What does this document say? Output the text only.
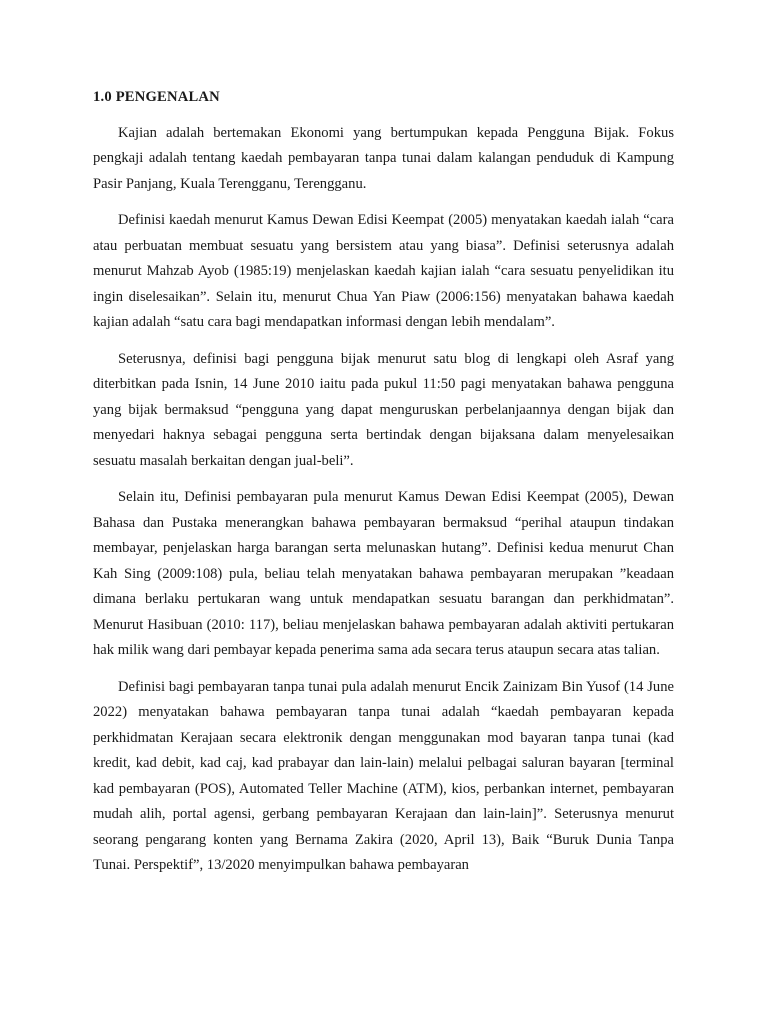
1.0 PENGENALAN

Kajian adalah bertemakan Ekonomi yang bertumpukan kepada Pengguna Bijak. Fokus pengkaji adalah tentang kaedah pembayaran tanpa tunai dalam kalangan penduduk di Kampung Pasir Panjang, Kuala Terengganu, Terengganu.

Definisi kaedah menurut Kamus Dewan Edisi Keempat (2005) menyatakan kaedah ialah “cara atau perbuatan membuat sesuatu yang bersistem atau yang biasa”. Definisi seterusnya adalah menurut Mahzab Ayob (1985:19) menjelaskan kaedah kajian ialah “cara sesuatu penyelidikan itu ingin diselesaikan”. Selain itu, menurut Chua Yan Piaw (2006:156) menyatakan bahawa kaedah kajian adalah “satu cara bagi mendapatkan informasi dengan lebih mendalam”.

Seterusnya, definisi bagi pengguna bijak menurut satu blog di lengkapi oleh Asraf yang diterbitkan pada Isnin, 14 June 2010 iaitu pada pukul 11:50 pagi menyatakan bahawa pengguna yang bijak bermaksud “pengguna yang dapat menguruskan perbelanjaannya dengan bijak dan menyedari haknya sebagai pengguna serta bertindak dengan bijaksana dalam menyelesaikan sesuatu masalah berkaitan dengan jual-beli”.

Selain itu, Definisi pembayaran pula menurut Kamus Dewan Edisi Keempat (2005), Dewan Bahasa dan Pustaka menerangkan bahawa pembayaran bermaksud “perihal ataupun tindakan membayar, penjelaskan harga barangan serta melunaskan hutang”. Definisi kedua menurut Chan Kah Sing (2009:108) pula, beliau telah menyatakan bahawa pembayaran merupakan ”keadaan dimana berlaku pertukaran wang untuk mendapatkan sesuatu barangan dan perkhidmatan”. Menurut Hasibuan (2010: 117), beliau menjelaskan bahawa pembayaran adalah aktiviti pertukaran hak milik wang dari pembayar kepada penerima sama ada secara terus ataupun secara atas talian.

Definisi bagi pembayaran tanpa tunai pula adalah menurut Encik Zainizam Bin Yusof (14 June 2022) menyatakan bahawa pembayaran tanpa tunai adalah “kaedah pembayaran kepada perkhidmatan Kerajaan secara elektronik dengan menggunakan mod bayaran tanpa tunai (kad kredit, kad debit, kad caj, kad prabayar dan lain-lain) melalui pelbagai saluran bayaran [terminal kad pembayaran (POS), Automated Teller Machine (ATM), kios, perbankan internet, pembayaran mudah alih, portal agensi, gerbang pembayaran Kerajaan dan lain-lain]”. Seterusnya menurut seorang pengarang konten yang Bernama Zakira (2020, April 13), Baik “Buruk Dunia Tanpa Tunai. Perspektif”, 13/2020 menyimpulkan bahawa pembayaran
